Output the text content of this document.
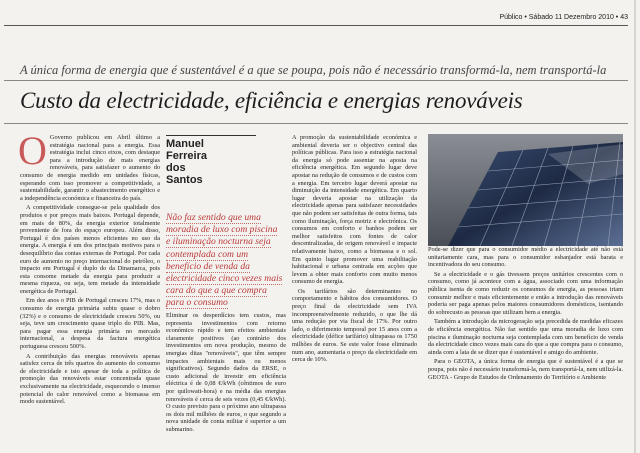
Público • Sábado 11 Dezembro 2010 • 43
A única forma de energia que é sustentável é a que se poupa, pois não é necessário transformá-la, nem transportá-la
Custo da electricidade, eficiência e energias renováveis

O Governo publicou em Abril último a estratégia nacional para a energia. Essa estratégia inclui cinco eixos, com destaque para a introdução de mais energias renováveis, para satisfazer o aumento do consumo de energia medido em unidades físicas, esperando com isso promover a competitividade, a sustentabilidade, garantir o abastecimento energético e a independência económica e financeira do país.

A competitividade consegue-se pela qualidade dos produtos e por preços mais baixos. Portugal depende, em mais de 80%, da energia exterior totalmente proveniente de fora do espaço europeu. Além disso, Portugal é dos países menos eficientes no uso da energia. A energia é um dos principais motivos para o desequilíbrio das contas externas de Portugal. Por cada euro de aumento no preço internacional do petróleo, o impacto em Portugal é duplo do da Dinamarca, pois esta consome metade da energia para produzir a mesma riqueza, ou seja, tem metade da intensidade energética de Portugal.

Em dez anos o PIB de Portugal cresceu 17%, mas o consumo de energia primária subiu quase o dobro (32%) e o consumo de electricidade cresceu 50%, ou seja, teve um crescimento quase triplo do PIB. Mas, para pagar essa energia primária no mercado internacional, a despesa da factura energética portuguesa cresceu 500%.

A contribuição das energias renováveis apenas satisfez cerca de três quartos do aumento do consumo de electricidade e isto apesar de toda a política de promoção das renováveis estar concentrada quase exclusivamente na electricidade, esquecendo o imenso potencial do calor renovável como a biomassa em modo sustentável.

Manuel
Ferreira
dos
Santos
Não faz sentido que uma moradia de luxo com piscina e iluminação nocturna seja contemplada com um benefício de venda da electricidade cinco vezes mais cara do que a que compra para o consumo

Eliminar os desperdícios tem custos, mas representa investimentos com retorno económico rápido e tem efeitos ambientais claramente positivos (ao contrário dos investimentos em nova produção, mesmo de energias ditas "renováveis", que têm sempre impactes ambientais mais ou menos significativos). Segundo dados da ERSE, o custo adicional de investir em eficiência eléctrica é de 0,08 €/kWh (cêntimos de euro por quilowatt-hora) e na média das energias renováveis é cerca de seis vezes (0,45 €/kWh). O custo previsto para o próximo ano ultrapassa os dois mil milhões de euros, o que segundo a nova unidade de conta militar é superior a um submarino.

A promoção da sustentabilidade económica e ambiental deveria ser o objectivo central das políticas públicas. Para isso a estratégia nacional da energia só pode assentar na aposta na eficiência energética. Em segundo lugar deve apostar na redução de consumos e de custos com a energia. Em terceiro lugar deverá apostar na diminuição da intensidade energética. Em quarto lugar deveria apostar na utilização da electricidade apenas para satisfazer necessidades que não podem ser satisfeitas de outra forma, tais como iluminação, força motriz e electrónica. Os consumos em conforto e banhos podem ser melhor satisfeitos com fontes de calor descentralizadas, de origem renovável e impacte relativamente baixo, como a biomassa e o sol. Em quinto lugar promover uma reabilitação habitacional e urbana centrada em acções que levem a obter mais conforto com muito menos consumo de energia.

Os tarifários são determinantes no comportamento e hábitos dos consumidores. O preço final da electricidade sem IVA incompreensivelmente reduzido, o que lhe dá uma redução por via fiscal de 17%. Por outro lado, o diferimento temporal por 15 anos com a electricidade (défice tarifário) ultrapassa os 1750 milhões de euros. Se este valor fosse eliminado num ano, aumentaria o preço da electricidade em cerca de 10%.

Pode-se dizer que para o consumidor médio a electricidade até não está unitariamente cara, mas para o consumidor esbanjador está barata e incentivadora do seu consumo.

Se a electricidade e o gás tivessem preços unitários crescentes com o consumo, como já acontece com a água, associado com uma informação pública isenta de como reduzir os consumos de energia, as pessoas iriam consumir melhor e mais eficientemente e então a introdução das renováveis poderia ser paga apenas pelos maiores consumidores domésticos, isentando do sobrecusto as pessoas que utilizam bem a energia.

Também a introdução da microgeração seja precedida de medidas eficazes de eficiência energética. Não faz sentido que uma moradia de luxo com piscina e iluminação nocturna seja contemplada com um benefício de venda da electricidade cinco vezes mais cara do que a que compra para o consumo, ainda com a lata de se dizer que é sustentável e amigo do ambiente.

Para o GEOTA, a única forma de energia que é sustentável é a que se poupa, pois não é necessário transformá-la, nem transportá-la, nem utilizá-la. GEOTA - Grupo de Estudos de Ordenamento do Território e Ambiente
